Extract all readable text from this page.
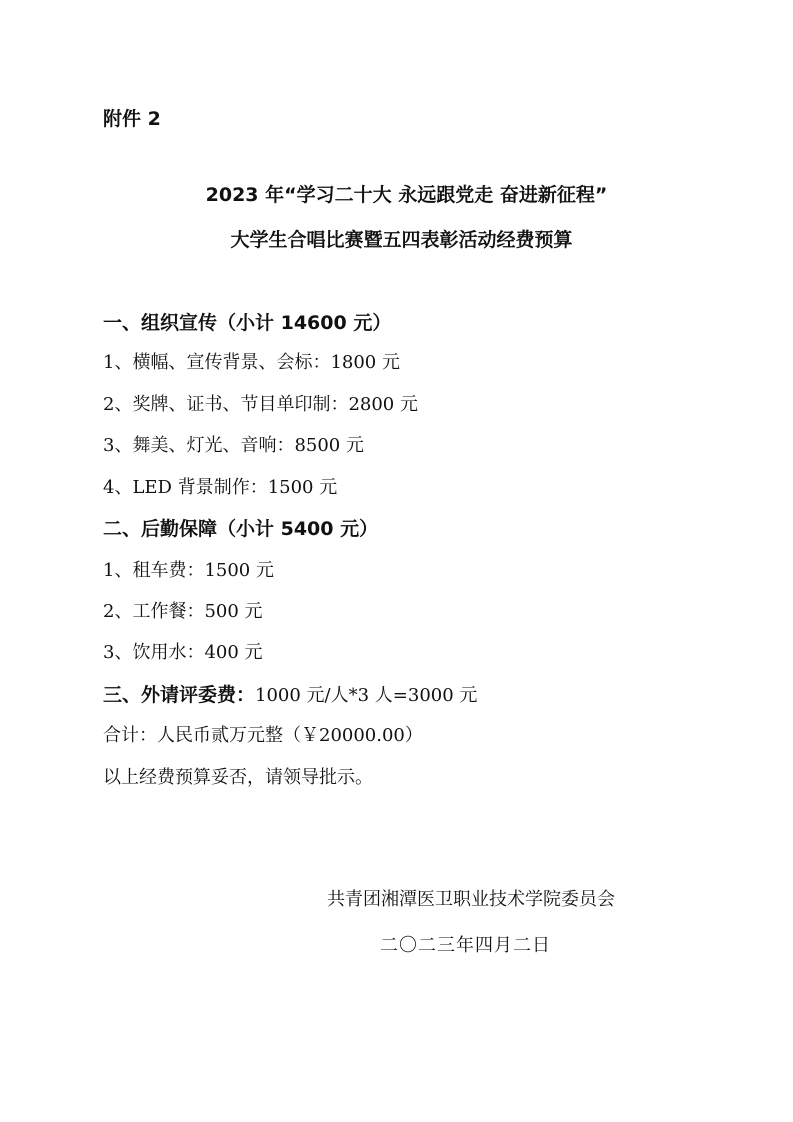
附件 2
2023 年“学习二十大 永远跟党走 奋进新征程”
大学生合唱比赛暨五四表彰活动经费预算
一、组织宣传（小计 14600 元）
1、横幅、宣传背景、会标：1800 元
2、奖牌、证书、节目单印制：2800 元
3、舞美、灯光、音响：8500 元
4、LED 背景制作：1500 元
二、后勤保障（小计 5400 元）
1、租车费：1500 元
2、工作餐：500 元
3、饮用水：400 元
三、外请评委费：1000 元/人*3 人=3000 元
合计：人民币贰万元整（￥20000.00）
以上经费预算妥否，请领导批示。
共青团湘潭医卫职业技术学院委员会
二〇二三年四月二日
